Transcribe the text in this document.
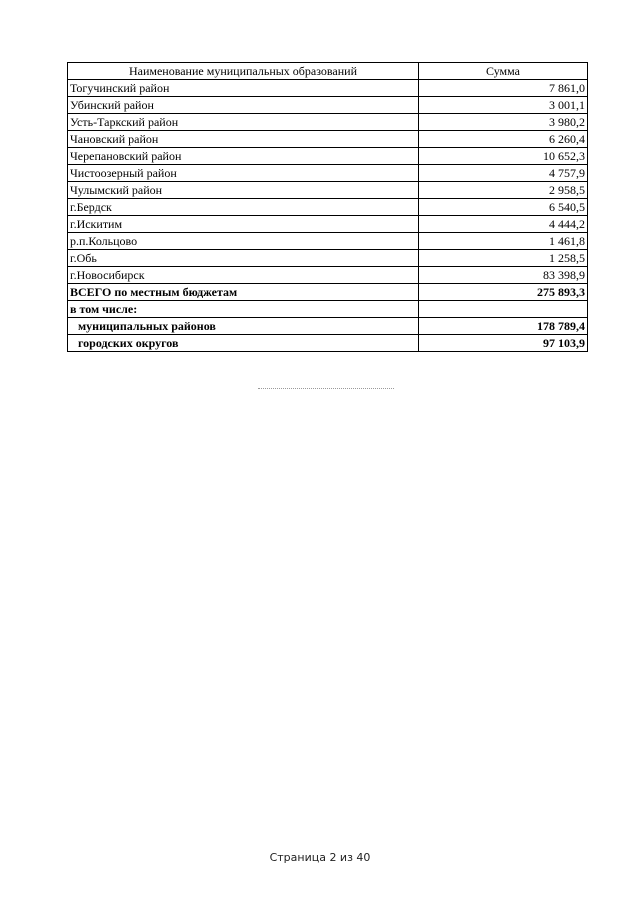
Наименование муниципальных образований	Сумма
Тогучинский район	7 861,0
Убинский район	3 001,1
Усть-Таркский район	3 980,2
Чановский район	6 260,4
Черепановский район	10 652,3
Чистоозерный район	4 757,9
Чулымский район	2 958,5
г.Бердск	6 540,5
г.Искитим	4 444,2
р.п.Кольцово	1 461,8
г.Обь	1 258,5
г.Новосибирск	83 398,9
ВСЕГО по местным бюджетам	275 893,3
в том числе:	
муниципальных районов	178 789,4
городских округов	97 103,9
Страница 2 из 40
